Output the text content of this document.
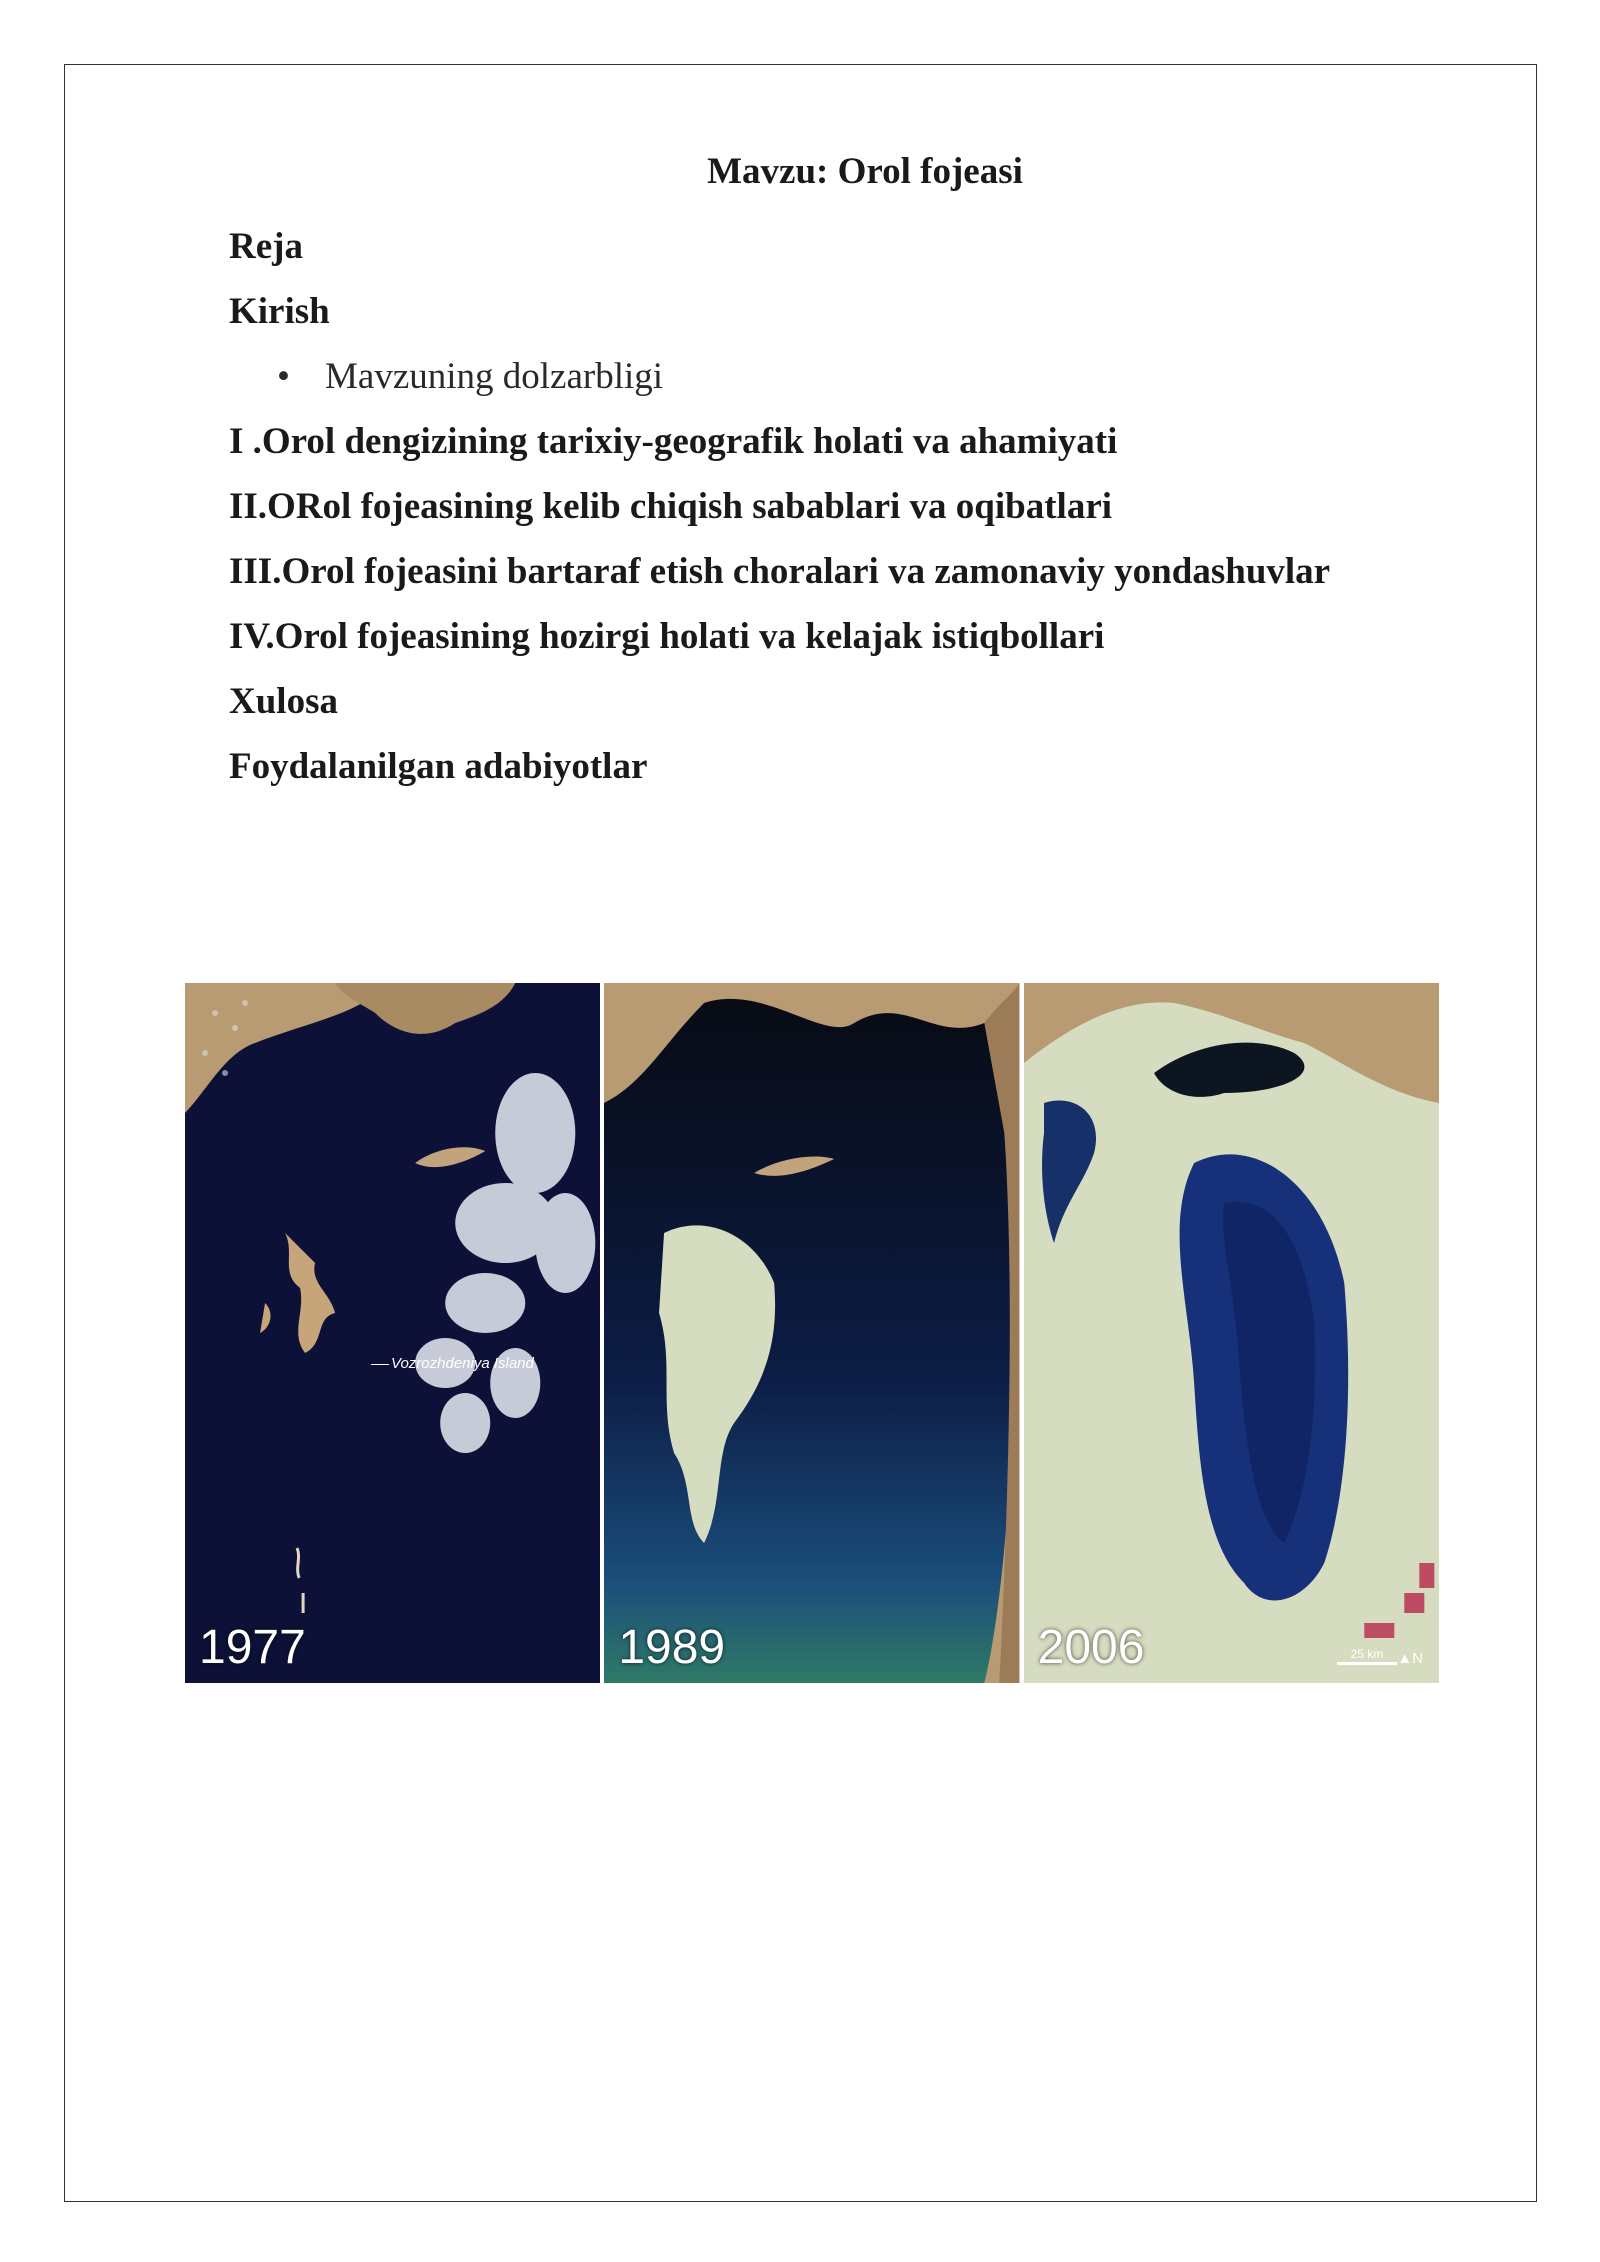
Mavzu: Orol fojeasi
Reja
Kirish
• Mavzuning dolzarbligi
I .Orol dengizining tarixiy-geografik holati va ahamiyati
II.ORol fojeasining kelib chiqish sabablari va oqibatlari
III.Orol fojeasini bartaraf etish choralari va zamonaviy yondashuvlar
IV.Orol fojeasining hozirgi holati va kelajak istiqbollari
Xulosa
Foydalanilgan adabiyotlar
Vozrozhdeniya Island
1977	1989	25 km ▲N
2006
